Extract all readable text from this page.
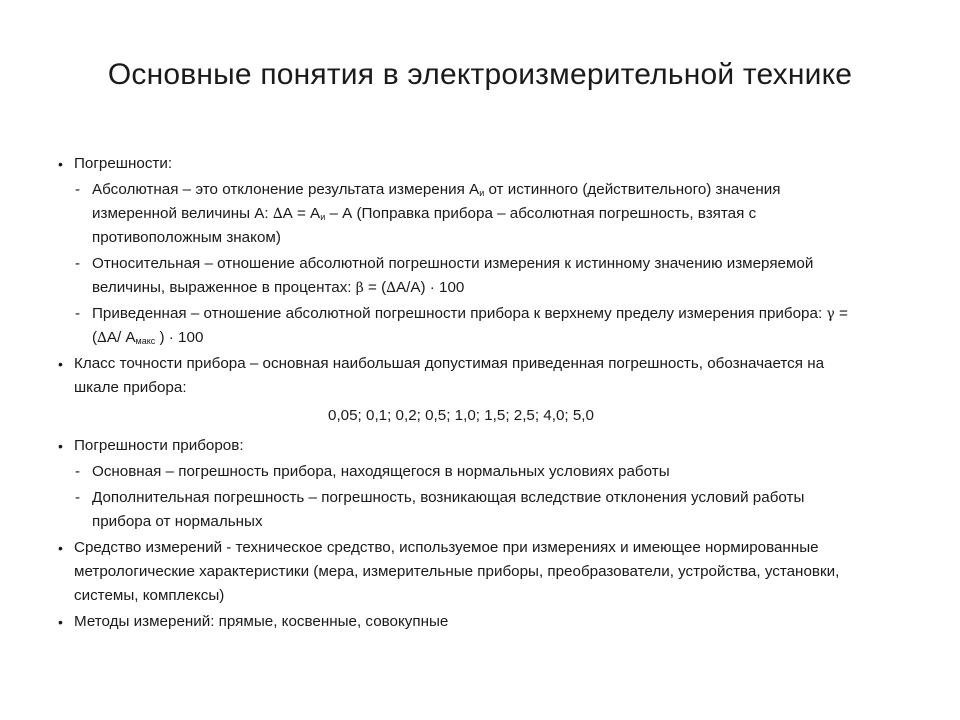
Основные понятия в электроизмерительной технике
• Погрешности:
- Абсолютная – это отклонение результата измерения $А_и$ от истинного (действительного) значения измеренной величины А: $\Delta А = А_и - А$ (Поправка прибора – абсолютная погрешность, взятая с противоположным знаком)
- Относительная – отношение абсолютной погрешности измерения к истинному значению измеряемой величины, выраженное в процентах: β = (∆А/А) · 100
- Приведенная – отношение абсолютной погрешности прибора к верхнему пределу измерения прибора: γ = (∆А/ $А_{макс}$ ) · 100
• Класс точности прибора – основная наибольшая допустимая приведенная погрешность, обозначается на шкале прибора:
0,05; 0,1; 0,2; 0,5; 1,0; 1,5; 2,5; 4,0; 5,0
• Погрешности приборов:
- Основная – погрешность прибора, находящегося в нормальных условиях работы
- Дополнительная погрешность – погрешность, возникающая вследствие отклонения условий работы прибора от нормальных
• Средство измерений - техническое средство, используемое при измерениях и имеющее нормированные метрологические характеристики (мера, измерительные приборы, преобразователи, устройства, установки, системы, комплексы)
• Методы измерений: прямые, косвенные, совокупные
